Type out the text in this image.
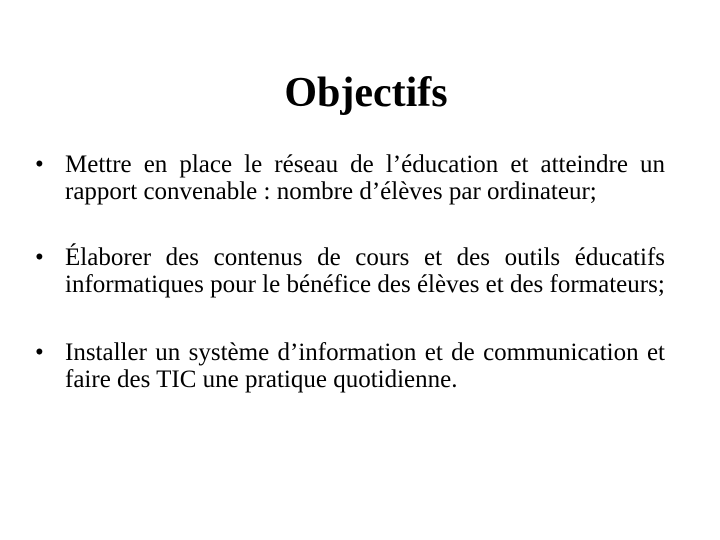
Objectifs
• Mettre en place le réseau de l’éducation et atteindre un rapport convenable : nombre d’élèves par ordinateur;
• Élaborer des contenus de cours et des outils éducatifs informatiques pour le bénéfice des élèves et des formateurs;
• Installer un système d’information et de communication et faire des TIC une pratique quotidienne.
